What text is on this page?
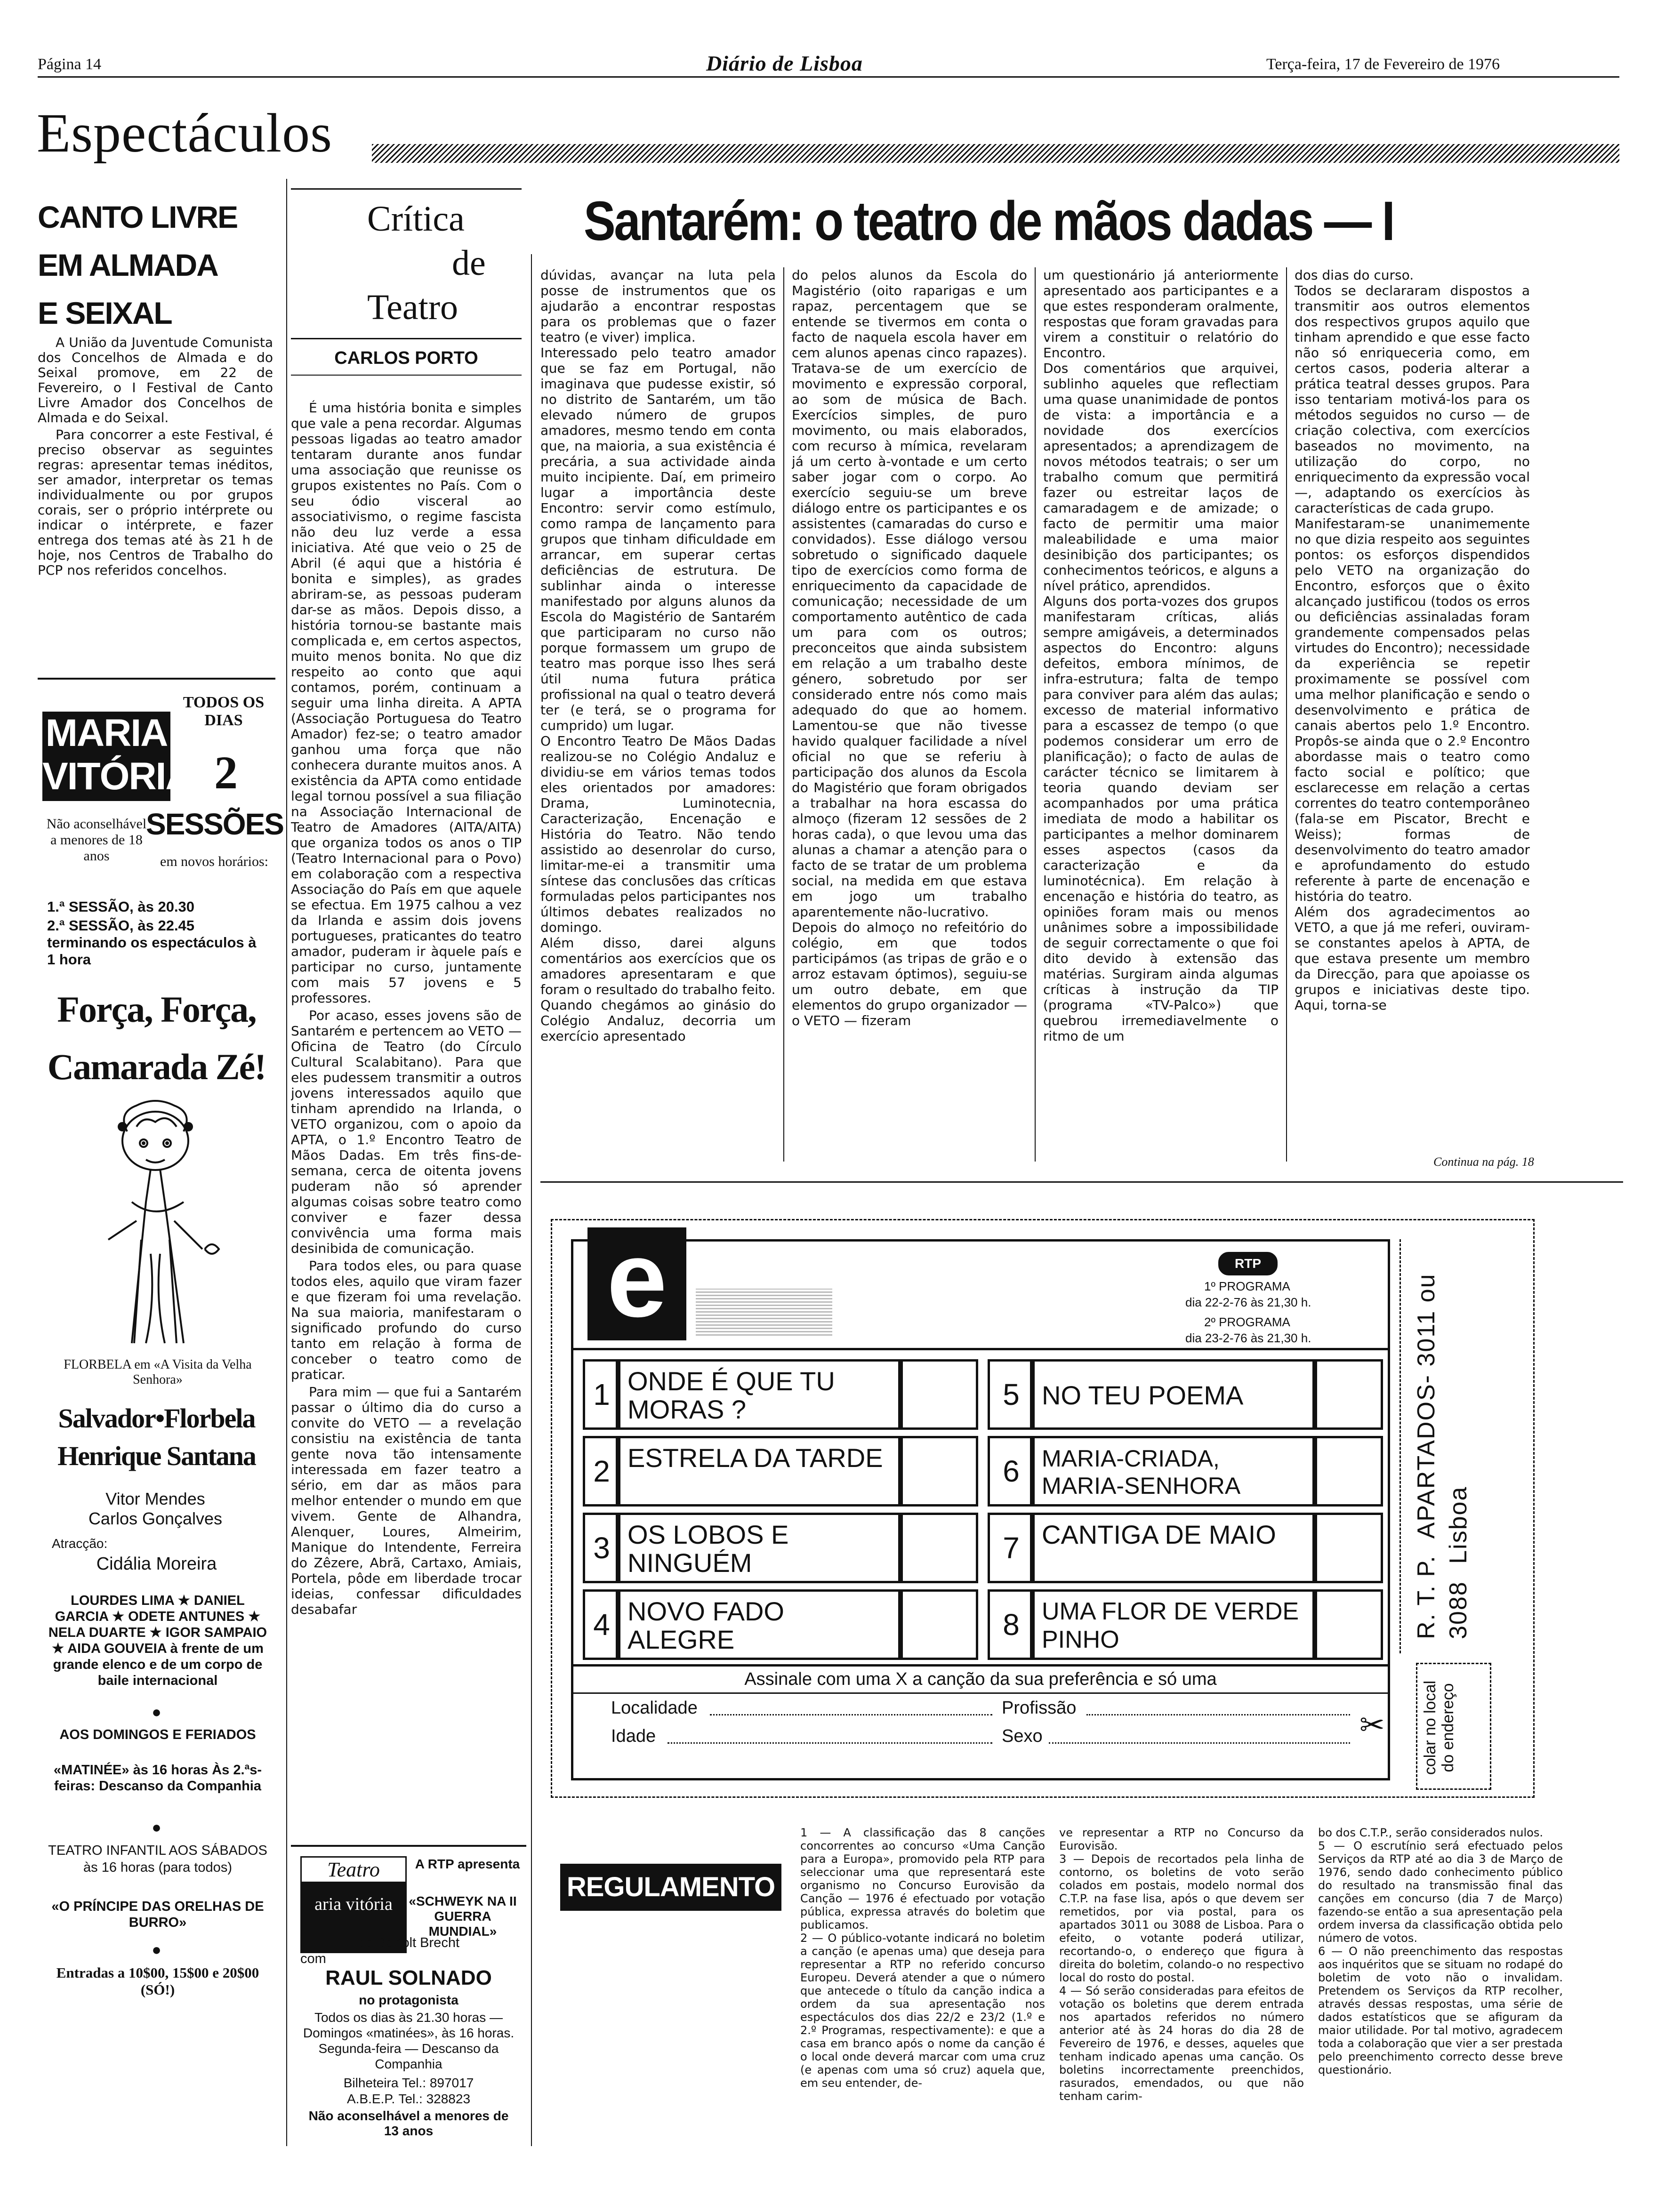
Página 14	Diário de Lisboa	Terça-feira, 17 de Fevereiro de 1976
Espectáculos
CANTO LIVRE
EM ALMADA
E SEIXAL

A União da Juventude Comunista dos Concelhos de Almada e do Seixal promove, em 22 de Fevereiro, o I Festival de Canto Livre Amador dos Concelhos de Almada e do Seixal.

Para concorrer a este Festival, é preciso observar as seguintes regras: apresentar temas inéditos, ser amador, interpretar os temas individualmente ou por grupos corais, ser o próprio intérprete ou indicar o intérprete, e fazer entrega dos temas até às 21 h de hoje, nos Centros de Trabalho do PCP nos referidos concelhos.

MARIA
VITÓRIA
TODOS OS DIAS
2
SESSÕES
Não aconselhável a menores de 18 anos	em novos horários:
1.ª SESSÃO, às 20.30
2.ª SESSÃO, às 22.45 terminando os espectáculos à 1 hora
Força, Força,
Camarada Zé!
FLORBELA em «A Visita da Velha Senhora»
Salvador•Florbela
Henrique Santana
Vitor Mendes Carlos Gonçalves
Atracção:
Cidália Moreira
LOURDES LIMA ★ DANIEL GARCIA ★ ODETE ANTUNES ★ NELA DUARTE ★ IGOR SAMPAIO ★ AIDA GOUVEIA à frente de um grande elenco e de um corpo de baile internacional
●
AOS DOMINGOS E FERIADOS
«MATINÉE» às 16 horas Às 2.ªs-feiras: Descanso da Companhia
●
TEATRO INFANTIL AOS SÁBADOS às 16 horas (para todos)
«O PRÍNCIPE DAS ORELHAS DE BURRO»
●
Entradas a 10$00, 15$00 e 20$00 (SÓ!)
Crítica
de
Teatro
CARLOS PORTO

É uma história bonita e simples que vale a pena recordar. Algumas pessoas ligadas ao teatro amador tentaram durante anos fundar uma associação que reunisse os grupos existentes no País. Com o seu ódio visceral ao associativismo, o regime fascista não deu luz verde a essa iniciativa. Até que veio o 25 de Abril (é aqui que a história é bonita e simples), as grades abriram-se, as pessoas puderam dar-se as mãos. Depois disso, a história tornou-se bastante mais complicada e, em certos aspectos, muito menos bonita. No que diz respeito ao conto que aqui contamos, porém, continuam a seguir uma linha direita. A APTA (Associação Portuguesa do Teatro Amador) fez-se; o teatro amador ganhou uma força que não conhecera durante muitos anos. A existência da APTA como entidade legal tornou possível a sua filiação na Associação Internacional de Teatro de Amadores (AITA/AITA) que organiza todos os anos o TIP (Teatro Internacional para o Povo) em colaboração com a respectiva Associação do País em que aquele se efectua. Em 1975 calhou a vez da Irlanda e assim dois jovens portugueses, praticantes do teatro amador, puderam ir àquele país e participar no curso, juntamente com mais 57 jovens e 5 professores.

Por acaso, esses jovens são de Santarém e pertencem ao VETO — Oficina de Teatro (do Círculo Cultural Scalabitano). Para que eles pudessem transmitir a outros jovens interessados aquilo que tinham aprendido na Irlanda, o VETO organizou, com o apoio da APTA, o 1.º Encontro Teatro de Mãos Dadas. Em três fins-de-semana, cerca de oitenta jovens puderam não só aprender algumas coisas sobre teatro como conviver e fazer dessa convivência uma forma mais desinibida de comunicação.

Para todos eles, ou para quase todos eles, aquilo que viram fazer e que fizeram foi uma revelação. Na sua maioria, manifestaram o significado profundo do curso tanto em relação à forma de conceber o teatro como de praticar.

Para mim — que fui a Santarém passar o último dia do curso a convite do VETO — a revelação consistiu na existência de tanta gente nova tão intensamente interessada em fazer teatro a sério, em dar as mãos para melhor entender o mundo em que vivem. Gente de Alhandra, Alenquer, Loures, Almeirim, Manique do Intendente, Ferreira do Zêzere, Abrã, Cartaxo, Amiais, Portela, pôde em liberdade trocar ideias, confessar dificuldades desabafar

Teatro
aria vitória
A RTP apresenta
«SCHWEYK NA II GUERRA MUNDIAL»
de Bertolt Brecht
com
RAUL SOLNADO
no protagonista
Todos os dias às 21.30 horas — Domingos «matinées», às 16 horas. Segunda-feira — Descanso da Companhia
Bilheteira Tel.: 897017
A.B.E.P. Tel.: 328823
Não aconselhável a menores de 13 anos
Santarém: o teatro de mãos dadas — I
dúvidas, avançar na luta pela posse de instrumentos que os ajudarão a encontrar respostas para os problemas que o fazer teatro (e viver) implica.
Interessado pelo teatro amador que se faz em Portugal, não imaginava que pudesse existir, só no distrito de Santarém, um tão elevado número de grupos amadores, mesmo tendo em conta que, na maioria, a sua existência é precária, a sua actividade ainda muito incipiente. Daí, em primeiro lugar a importância deste Encontro: servir como estímulo, como rampa de lançamento para grupos que tinham dificuldade em arrancar, em superar certas deficiências de estrutura. De sublinhar ainda o interesse manifestado por alguns alunos da Escola do Magistério de Santarém que participaram no curso não porque formassem um grupo de teatro mas porque isso lhes será útil numa futura prática profissional na qual o teatro deverá ter (e terá, se o programa for cumprido) um lugar.
O Encontro Teatro De Mãos Dadas realizou-se no Colégio Andaluz e dividiu-se em vários temas todos eles orientados por amadores: Drama, Luminotecnia, Caracterização, Encenação e História do Teatro. Não tendo assistido ao desenrolar do curso, limitar-me-ei a transmitir uma síntese das conclusões das críticas formuladas pelos participantes nos últimos debates realizados no domingo.
Além disso, darei alguns comentários aos exercícios que os amadores apresentaram e que foram o resultado do trabalho feito.
Quando chegámos ao ginásio do Colégio Andaluz, decorria um exercício apresentado
do pelos alunos da Escola do Magistério (oito raparigas e um rapaz, percentagem que se entende se tivermos em conta o facto de naquela escola haver em cem alunos apenas cinco rapazes). Tratava-se de um exercício de movimento e expressão corporal, ao som de música de Bach. Exercícios simples, de puro movimento, ou mais elaborados, com recurso à mímica, revelaram já um certo à-vontade e um certo saber jogar com o corpo. Ao exercício seguiu-se um breve diálogo entre os participantes e os assistentes (camaradas do curso e convidados). Esse diálogo versou sobretudo o significado daquele tipo de exercícios como forma de enriquecimento da capacidade de comunicação; necessidade de um comportamento autêntico de cada um para com os outros; preconceitos que ainda subsistem em relação a um trabalho deste género, sobretudo por ser considerado entre nós como mais adequado do que ao homem. Lamentou-se que não tivesse havido qualquer facilidade a nível oficial no que se referiu à participação dos alunos da Escola do Magistério que foram obrigados a trabalhar na hora escassa do almoço (fizeram 12 sessões de 2 horas cada), o que levou uma das alunas a chamar a atenção para o facto de se tratar de um problema social, na medida em que estava em jogo um trabalho aparentemente não-lucrativo.
Depois do almoço no refeitório do colégio, em que todos participámos (as tripas de grão e o arroz estavam óptimos), seguiu-se um outro debate, em que elementos do grupo organizador — o VETO — fizeram
um questionário já anteriormente apresentado aos participantes e a que estes responderam oralmente, respostas que foram gravadas para virem a constituir o relatório do Encontro.
Dos comentários que arquivei, sublinho aqueles que reflectiam uma quase unanimidade de pontos de vista: a importância e a novidade dos exercícios apresentados; a aprendizagem de novos métodos teatrais; o ser um trabalho comum que permitirá fazer ou estreitar laços de camaradagem e de amizade; o facto de permitir uma maior maleabilidade e uma maior desinibição dos participantes; os conhecimentos teóricos, e alguns a nível prático, aprendidos.
Alguns dos porta-vozes dos grupos manifestaram críticas, aliás sempre amigáveis, a determinados aspectos do Encontro: alguns defeitos, embora mínimos, de infra-estrutura; falta de tempo para conviver para além das aulas; excesso de material informativo para a escassez de tempo (o que podemos considerar um erro de planificação); o facto de aulas de carácter técnico se limitarem à teoria quando deviam ser acompanhados por uma prática imediata de modo a habilitar os participantes a melhor dominarem esses aspectos (casos da caracterização e da luminotécnica). Em relação à encenação e história do teatro, as opiniões foram mais ou menos unânimes sobre a impossibilidade de seguir correctamente o que foi dito devido à extensão das matérias. Surgiram ainda algumas críticas à instrução da TIP (programa «TV-Palco») que quebrou irremediavelmente o ritmo de um
dos dias do curso.
Todos se declararam dispostos a transmitir aos outros elementos dos respectivos grupos aquilo que tinham aprendido e que esse facto não só enriqueceria como, em certos casos, poderia alterar a prática teatral desses grupos. Para isso tentariam motivá-los para os métodos seguidos no curso — de criação colectiva, com exercícios baseados no movimento, na utilização do corpo, no enriquecimento da expressão vocal —, adaptando os exercícios às características de cada grupo.
Manifestaram-se unanimemente no que dizia respeito aos seguintes pontos: os esforços dispendidos pelo VETO na organização do Encontro, esforços que o êxito alcançado justificou (todos os erros ou deficiências assinaladas foram grandemente compensados pelas virtudes do Encontro); necessidade da experiência se repetir proximamente se possível com uma melhor planificação e sendo o desenvolvimento e prática de canais abertos pelo 1.º Encontro. Propôs-se ainda que o 2.º Encontro abordasse mais o teatro como facto social e político; que esclarecesse em relação a certas correntes do teatro contemporâneo (fala-se em Piscator, Brecht e Weiss); formas de desenvolvimento do teatro amador e aprofundamento do estudo referente à parte de encenação e história do teatro.
Além dos agradecimentos ao VETO, a que já me referi, ouviram-se constantes apelos à APTA, de que estava presente um membro da Direcção, para que apoiasse os grupos e iniciativas deste tipo. Aqui, torna-se
Continua na pág. 18
e	RTP
1º PROGRAMA
dia 22-2-76 às 21,30 h.
2º PROGRAMA
dia 23-2-76 às 21,30 h.
1 ONDE É QUE TU MORAS ?
2 ESTRELA DA TARDE
3 OS LOBOS E NINGUÉM
4 NOVO FADO ALEGRE
5 NO TEU POEMA
6 MARIA-CRIADA, MARIA-SENHORA
7 CANTIGA DE MAIO
8 UMA FLOR DE VERDE PINHO
Assinale com uma X a canção da sua preferência e só uma
Localidade	Profissão
Idade	Sexo	✂
R. T. P. APARTADOS- 3011 ou 3088 Lisboa
colar no local do endereço
REGULAMENTO
1 — A classificação das 8 canções concorrentes ao concurso «Uma Canção para a Europa», promovido pela RTP para seleccionar uma que representará este organismo no Concurso Eurovisão da Canção — 1976 é efectuado por votação pública, expressa através do boletim que publicamos.
2 — O público-votante indicará no boletim a canção (e apenas uma) que deseja para representar a RTP no referido concurso Europeu. Deverá atender a que o número que antecede o título da canção indica a ordem da sua apresentação nos espectáculos dos dias 22/2 e 23/2 (1.º e 2.º Programas, respectivamente): e que a casa em branco após o nome da canção é o local onde deverá marcar com uma cruz (e apenas com uma só cruz) aquela que, em seu entender, de-
ve representar a RTP no Concurso da Eurovisão.
3 — Depois de recortados pela linha de contorno, os boletins de voto serão colados em postais, modelo normal dos C.T.P. na fase lisa, após o que devem ser remetidos, por via postal, para os apartados 3011 ou 3088 de Lisboa. Para o efeito, o votante poderá utilizar, recortando-o, o endereço que figura à direita do boletim, colando-o no respectivo local do rosto do postal.
4 — Só serão consideradas para efeitos de votação os boletins que derem entrada nos apartados referidos no número anterior até às 24 horas do dia 28 de Fevereiro de 1976, e desses, aqueles que tenham indicado apenas uma canção. Os boletins incorrectamente preenchidos, rasurados, emendados, ou que não tenham carim-
bo dos C.T.P., serão considerados nulos.
5 — O escrutínio será efectuado pelos Serviços da RTP até ao dia 3 de Março de 1976, sendo dado conhecimento público do resultado na transmissão final das canções em concurso (dia 7 de Março) fazendo-se então a sua apresentação pela ordem inversa da classificação obtida pelo número de votos.
6 — O não preenchimento das respostas aos inquéritos que se situam no rodapé do boletim de voto não o invalidam. Pretendem os Serviços da RTP recolher, através dessas respostas, uma série de dados estatísticos que se afiguram da maior utilidade. Por tal motivo, agradecem toda a colaboração que vier a ser prestada pelo preenchimento correcto desse breve questionário.
